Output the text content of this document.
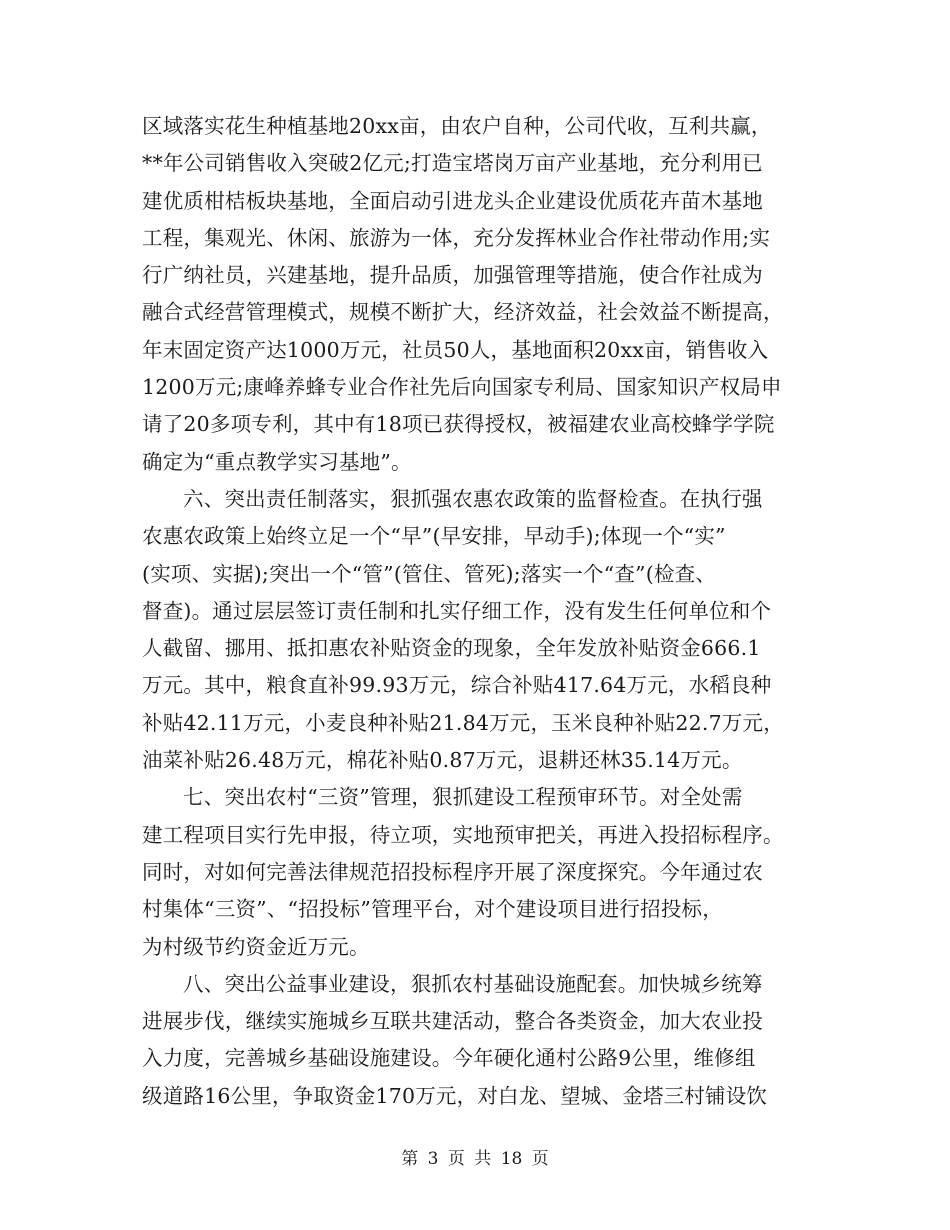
区域落实花生种植基地20xx亩，由农户自种，公司代收，互利共赢，
**年公司销售收入突破2亿元;打造宝塔岗万亩产业基地，充分利用已
建优质柑桔板块基地，全面启动引进龙头企业建设优质花卉苗木基地
工程，集观光、休闲、旅游为一体，充分发挥林业合作社带动作用;实
行广纳社员，兴建基地，提升品质，加强管理等措施，使合作社成为
融合式经营管理模式，规模不断扩大，经济效益，社会效益不断提高，
年末固定资产达1000万元，社员50人，基地面积20xx亩，销售收入
1200万元;康峰养蜂专业合作社先后向国家专利局、国家知识产权局申
请了20多项专利，其中有18项已获得授权，被福建农业高校蜂学学院
确定为“重点教学实习基地”。
六、突出责任制落实，狠抓强农惠农政策的监督检查。在执行强
农惠农政策上始终立足一个“早”(早安排，早动手);体现一个“实”
(实项、实据);突出一个“管”(管住、管死);落实一个“查”(检查、
督查)。通过层层签订责任制和扎实仔细工作，没有发生任何单位和个
人截留、挪用、抵扣惠农补贴资金的现象，全年发放补贴资金666.1
万元。其中，粮食直补99.93万元，综合补贴417.64万元，水稻良种
补贴42.11万元，小麦良种补贴21.84万元，玉米良种补贴22.7万元，
油菜补贴26.48万元，棉花补贴0.87万元，退耕还林35.14万元。
七、突出农村“三资”管理，狠抓建设工程预审环节。对全处需
建工程项目实行先申报，待立项，实地预审把关，再进入投招标程序。
同时，对如何完善法律规范招投标程序开展了深度探究。今年通过农
村集体“三资”、“招投标”管理平台，对个建设项目进行招投标，
为村级节约资金近万元。
八、突出公益事业建设，狠抓农村基础设施配套。加快城乡统筹
进展步伐，继续实施城乡互联共建活动，整合各类资金，加大农业投
入力度，完善城乡基础设施建设。今年硬化通村公路9公里，维修组
级道路16公里，争取资金170万元，对白龙、望城、金塔三村铺设饮
第 3 页 共 18 页
